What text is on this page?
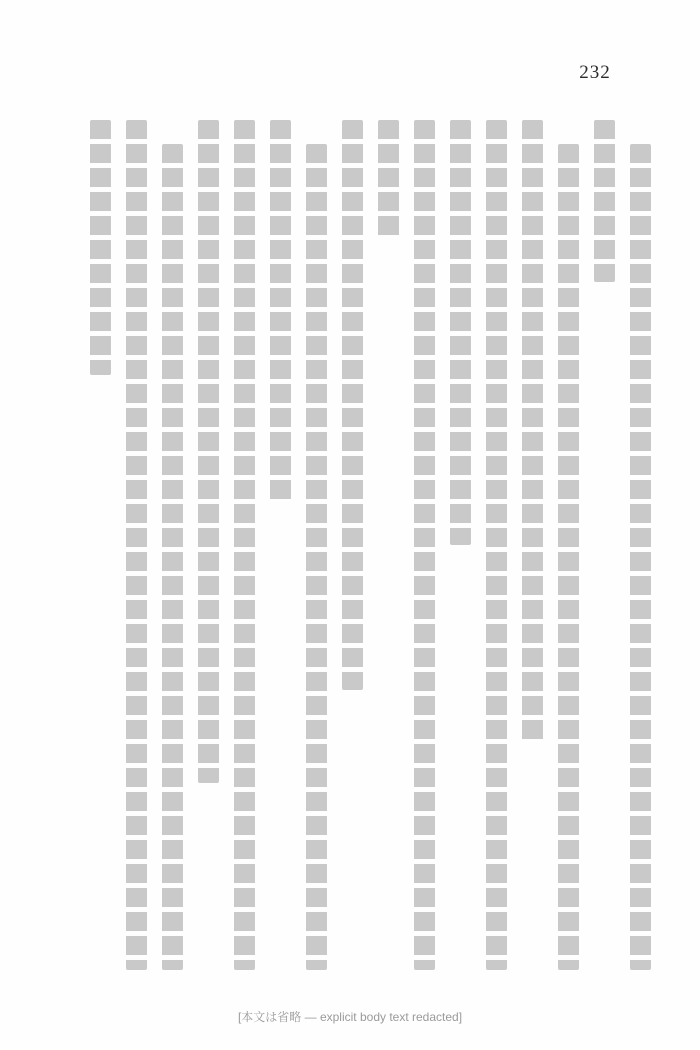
232
[本文は省略 — explicit body text redacted]
